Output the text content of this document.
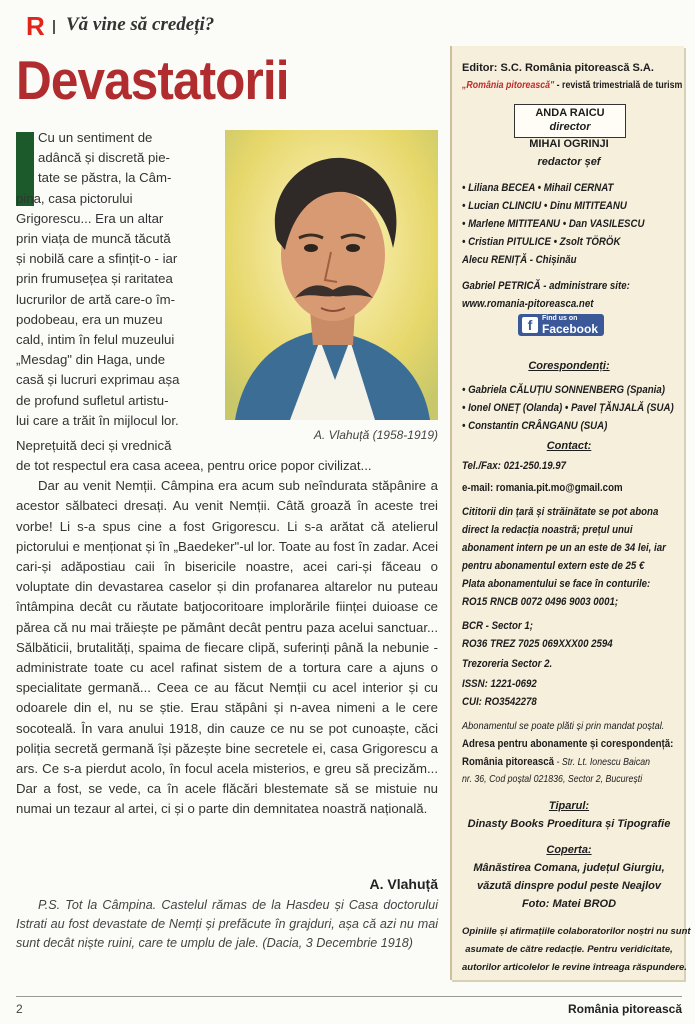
R Vă vine să credeți?
Devastatorii
Cu un sentiment de
adâncă și discretă pie-
tate se păstra, la Câm-
pina, casa pictorului
Grigorescu... Era un altar
prin viața de muncă tăcută
și nobilă care a sfințit-o - iar
prin frumusețea și raritatea
lucrurilor de artă care-o îm-
podobeau, era un muzeu
cald, intim în felul muzeului
„Mesdag" din Haga, unde
casă și lucruri exprimau așa
de profund sufletul artistu-
lui care a trăit în mijlocul lor.
Neprețuită deci și vrednică

de tot respectul era casa aceea, pentru orice popor civilizat...

Dar au venit Nemții. Câmpina era acum sub neîndurata stăpânire a acestor sălbateci dresați. Au venit Nemții. Câtă groază în aceste trei vorbe! Li s-a spus cine a fost Grigorescu. Li s-a arătat că atelierul pictorului e menționat și în „Baedeker"-ul lor. Toate au fost în zadar. Acei cari-și adăpostiau caii în bisericile noastre, acei cari-și făceau o voluptate din devastarea caselor și din profanarea altarelor nu puteau întâmpina decât cu răutate batjocoritoare implorările ființei duioase ce părea că nu mai trăiește pe pământ decât pentru paza acelui sanctuar... Sălbăticii, brutalități, spaima de fiecare clipă, suferinți până la nebunie - administrate toate cu acel rafinat sistem de a tortura care a ajuns o specialitate germană... Ceea ce au făcut Nemții cu acel interior și cu odoarele din el, nu se știe. Erau stăpâni și n-avea nimeni a le cere socoteală. În vara anului 1918, din cauze ce nu se pot cunoaște, căci poliția secretă germană își păzește bine secretele ei, casa Grigorescu a ars. Ce s-a pierdut acolo, în focul acela misterios, e greu să precizăm... Dar a fost, se vede, ca în acele flăcări blestemate să se mistuie nu numai un tezaur al artei, ci și o parte din demnitatea noastră națională.

A. Vlahuță
P.S. Tot la Câmpina. Castelul rămas de la Hasdeu și Casa doctorului Istrati au fost devastate de Nemți și prefăcute în grajduri, așa că azi nu mai sunt decât niște ruini, care te umplu de jale. (Dacia, 3 Decembrie 1918)
A. Vlahuță (1958-1919)
Editor: S.C. România pitorească S.A.
„România pitorească" - revistă trimestrială de turism
ANDA RAICU
director
MIHAI OGRINJI
redactor șef
• Liliana BECEA • Mihail CERNAT
• Lucian CLINCIU • Dinu MITITEANU
• Marlene MITITEANU • Dan VASILESCU
• Cristian PITULICE • Zsolt TÖRÖK
Alecu RENIȚĂ - Chișinău
Gabriel PETRICĂ - administrare site:
www.romania-pitoreasca.net
f	Find us on
Facebook
Corespondenți:
• Gabriela CĂLUȚIU SONNENBERG (Spania)
• Ionel ONEȚ (Olanda) • Pavel ȚĂNJALĂ (SUA)
• Constantin CRÂNGANU (SUA)
Contact:
Tel./Fax: 021-250.19.97
e-mail: romania.pit.mo@gmail.com
Cititorii din țară și străinătate se pot abona
direct la redacția noastră; prețul unui
abonament intern pe un an este de 34 lei, iar
pentru abonamentul extern este de 25 €
Plata abonamentului se face în conturile:
RO15 RNCB 0072 0496 9003 0001;
BCR - Sector 1;
RO36 TREZ 7025 069XXX00 2594
Trezoreria Sector 2.
ISSN: 1221-0692
CUI: RO3542278
Abonamentul se poate plăti și prin mandat poștal.
Adresa pentru abonamente și corespondență:
România pitorească - Str. Lt. Ionescu Baican
nr. 36, Cod poștal 021836, Sector 2, București
Tiparul:
Dinasty Books Proeditura și Tipografie
Coperta:
Mânăstirea Comana, județul Giurgiu,
văzută dinspre podul peste Neajlov
Foto: Matei BROD
Opiniile și afirmațiile colaboratorilor noștri nu sunt
asumate de către redacție. Pentru veridicitate,
autorilor articolelor le revine întreaga răspundere.
2	România pitorească
